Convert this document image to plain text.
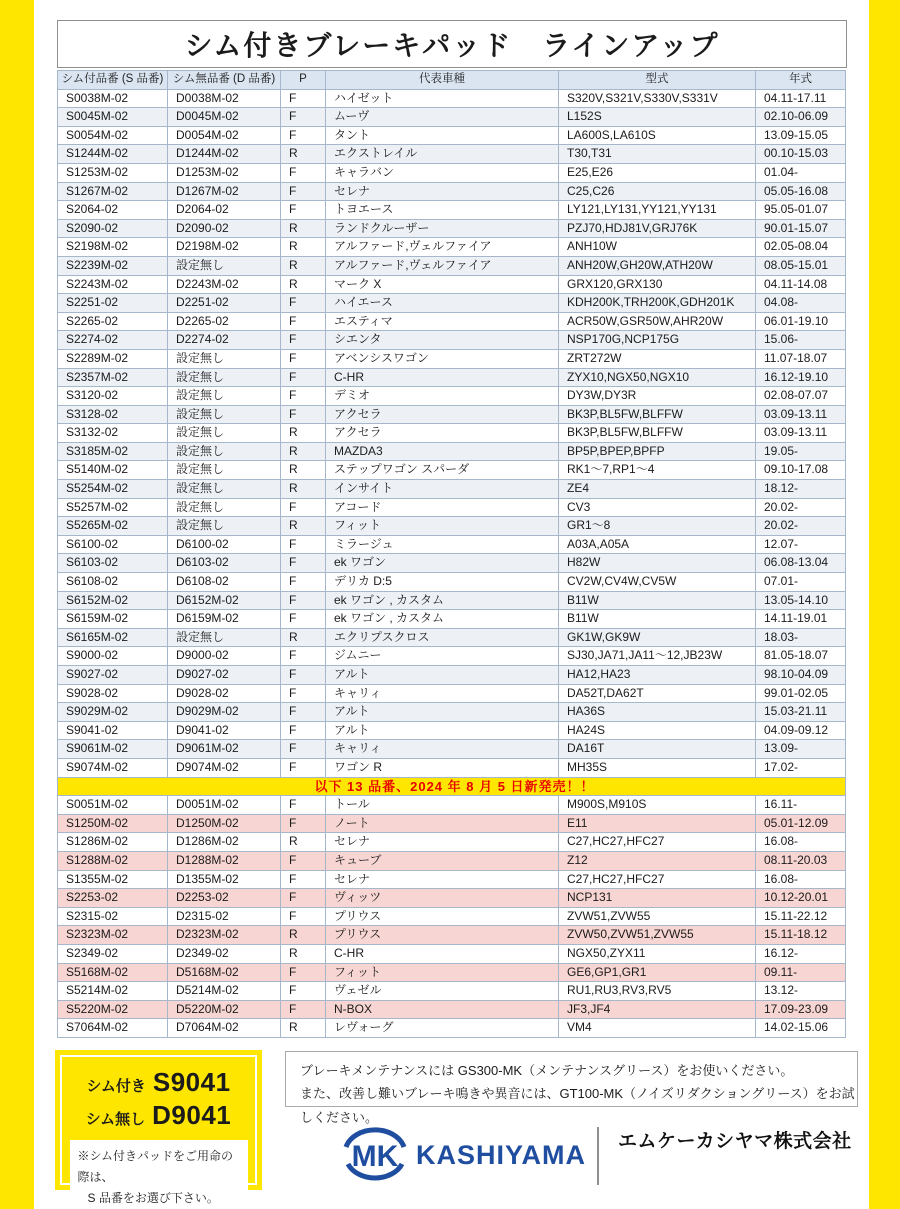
シム付きブレーキパッド　ラインアップ
シム付品番 (S 品番)	シム無品番 (D 品番)	P	代表車種	型式	年式
S0038M-02	D0038M-02	F	ハイゼット	S320V,S321V,S330V,S331V	04.11-17.11
S0045M-02	D0045M-02	F	ムーヴ	L152S	02.10-06.09
S0054M-02	D0054M-02	F	タント	LA600S,LA610S	13.09-15.05
S1244M-02	D1244M-02	R	エクストレイル	T30,T31	00.10-15.03
S1253M-02	D1253M-02	F	キャラバン	E25,E26	01.04-
S1267M-02	D1267M-02	F	セレナ	C25,C26	05.05-16.08
S2064-02	D2064-02	F	トヨエース	LY121,LY131,YY121,YY131	95.05-01.07
S2090-02	D2090-02	R	ランドクルーザー	PZJ70,HDJ81V,GRJ76K	90.01-15.07
S2198M-02	D2198M-02	R	アルファード,ヴェルファイア	ANH10W	02.05-08.04
S2239M-02	設定無し	R	アルファード,ヴェルファイア	ANH20W,GH20W,ATH20W	08.05-15.01
S2243M-02	D2243M-02	R	マーク X	GRX120,GRX130	04.11-14.08
S2251-02	D2251-02	F	ハイエース	KDH200K,TRH200K,GDH201K	04.08-
S2265-02	D2265-02	F	エスティマ	ACR50W,GSR50W,AHR20W	06.01-19.10
S2274-02	D2274-02	F	シエンタ	NSP170G,NCP175G	15.06-
S2289M-02	設定無し	F	アベンシスワゴン	ZRT272W	11.07-18.07
S2357M-02	設定無し	F	C-HR	ZYX10,NGX50,NGX10	16.12-19.10
S3120-02	設定無し	F	デミオ	DY3W,DY3R	02.08-07.07
S3128-02	設定無し	F	アクセラ	BK3P,BL5FW,BLFFW	03.09-13.11
S3132-02	設定無し	R	アクセラ	BK3P,BL5FW,BLFFW	03.09-13.11
S3185M-02	設定無し	R	MAZDA3	BP5P,BPEP,BPFP	19.05-
S5140M-02	設定無し	R	ステップワゴン スパーダ	RK1～7,RP1～4	09.10-17.08
S5254M-02	設定無し	R	インサイト	ZE4	18.12-
S5257M-02	設定無し	F	アコード	CV3	20.02-
S5265M-02	設定無し	R	フィット	GR1～8	20.02-
S6100-02	D6100-02	F	ミラージュ	A03A,A05A	12.07-
S6103-02	D6103-02	F	ek ワゴン	H82W	06.08-13.04
S6108-02	D6108-02	F	デリカ D:5	CV2W,CV4W,CV5W	07.01-
S6152M-02	D6152M-02	F	ek ワゴン , カスタム	B11W	13.05-14.10
S6159M-02	D6159M-02	F	ek ワゴン , カスタム	B11W	14.11-19.01
S6165M-02	設定無し	R	エクリプスクロス	GK1W,GK9W	18.03-
S9000-02	D9000-02	F	ジムニー	SJ30,JA71,JA11～12,JB23W	81.05-18.07
S9027-02	D9027-02	F	アルト	HA12,HA23	98.10-04.09
S9028-02	D9028-02	F	キャリィ	DA52T,DA62T	99.01-02.05
S9029M-02	D9029M-02	F	アルト	HA36S	15.03-21.11
S9041-02	D9041-02	F	アルト	HA24S	04.09-09.12
S9061M-02	D9061M-02	F	キャリィ	DA16T	13.09-
S9074M-02	D9074M-02	F	ワゴン R	MH35S	17.02-
以下 13 品番、2024 年 8 月 5 日新発売！！					
S0051M-02	D0051M-02	F	トール	M900S,M910S	16.11-
S1250M-02	D1250M-02	F	ノート	E11	05.01-12.09
S1286M-02	D1286M-02	R	セレナ	C27,HC27,HFC27	16.08-
S1288M-02	D1288M-02	F	キューブ	Z12	08.11-20.03
S1355M-02	D1355M-02	F	セレナ	C27,HC27,HFC27	16.08-
S2253-02	D2253-02	F	ヴィッツ	NCP131	10.12-20.01
S2315-02	D2315-02	F	プリウス	ZVW51,ZVW55	15.11-22.12
S2323M-02	D2323M-02	R	プリウス	ZVW50,ZVW51,ZVW55	15.11-18.12
S2349-02	D2349-02	R	C-HR	NGX50,ZYX11	16.12-
S5168M-02	D5168M-02	F	フィット	GE6,GP1,GR1	09.11-
S5214M-02	D5214M-02	F	ヴェゼル	RU1,RU3,RV3,RV5	13.12-
S5220M-02	D5220M-02	F	N-BOX	JF3,JF4	17.09-23.09
S7064M-02	D7064M-02	R	レヴォーグ	VM4	14.02-15.06
シム付き S9041
シム無し D9041
※シム付きパッドをご用命の際は、
S 品番をお選び下さい。
ブレーキメンテナンスには GS300-MK（メンテナンスグリース）をお使いください。
また、改善し難いブレーキ鳴きや異音には、GT100-MK（ノイズリダクショングリース）をお試しください。
MK KASHIYAMA エムケーカシヤマ株式会社
